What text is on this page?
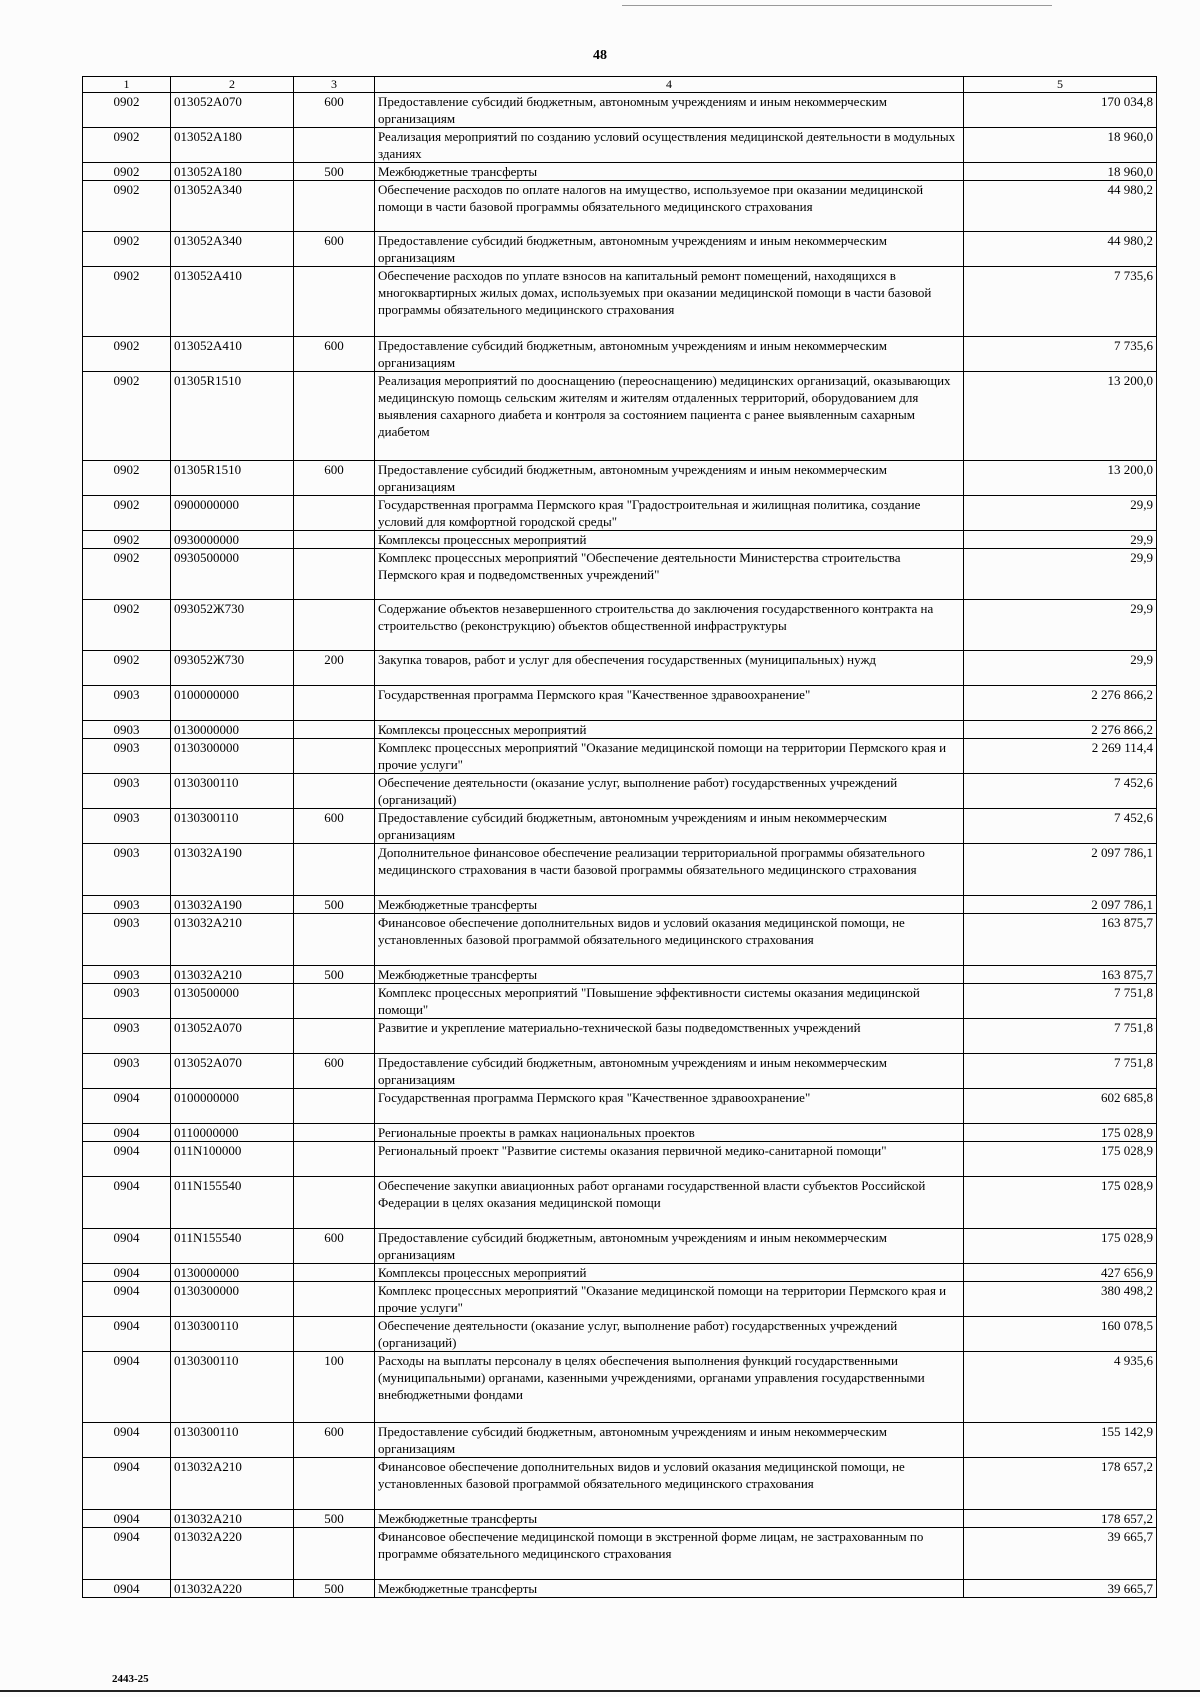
48
1	2	3	4	5
0902	013052А070	600	Предоставление субсидий бюджетным, автономным учреждениям и иным некоммерческим организациям	170 034,8
0902	013052А180		Реализация мероприятий по созданию условий осуществления медицинской деятельности в модульных зданиях	18 960,0
0902	013052А180	500	Межбюджетные трансферты	18 960,0
0902	013052А340		Обеспечение расходов по оплате налогов на имущество, используемое при оказании медицинской помощи в части базовой программы обязательного медицинского страхования	44 980,2
0902	013052А340	600	Предоставление субсидий бюджетным, автономным учреждениям и иным некоммерческим организациям	44 980,2
0902	013052А410		Обеспечение расходов по уплате взносов на капитальный ремонт помещений, находящихся в многоквартирных жилых домах, используемых при оказании медицинской помощи в части базовой программы обязательного медицинского страхования	7 735,6
0902	013052А410	600	Предоставление субсидий бюджетным, автономным учреждениям и иным некоммерческим организациям	7 735,6
0902	01305R1510		Реализация мероприятий по дооснащению (переоснащению) медицинских организаций, оказывающих медицинскую помощь сельским жителям и жителям отдаленных территорий, оборудованием для выявления сахарного диабета и контроля за состоянием пациента с ранее выявленным сахарным диабетом	13 200,0
0902	01305R1510	600	Предоставление субсидий бюджетным, автономным учреждениям и иным некоммерческим организациям	13 200,0
0902	0900000000		Государственная программа Пермского края "Градостроительная и жилищная политика, создание условий для комфортной городской среды"	29,9
0902	0930000000		Комплексы процессных мероприятий	29,9
0902	0930500000		Комплекс процессных мероприятий "Обеспечение деятельности Министерства строительства Пермского края и подведомственных учреждений"	29,9
0902	093052Ж730		Содержание объектов незавершенного строительства до заключения государственного контракта на строительство (реконструкцию) объектов общественной инфраструктуры	29,9
0902	093052Ж730	200	Закупка товаров, работ и услуг для обеспечения государственных (муниципальных) нужд	29,9
0903	0100000000		Государственная программа Пермского края "Качественное здравоохранение"	2 276 866,2
0903	0130000000		Комплексы процессных мероприятий	2 276 866,2
0903	0130300000		Комплекс процессных мероприятий "Оказание медицинской помощи на территории Пермского края и прочие услуги"	2 269 114,4
0903	0130300110		Обеспечение деятельности (оказание услуг, выполнение работ) государственных учреждений (организаций)	7 452,6
0903	0130300110	600	Предоставление субсидий бюджетным, автономным учреждениям и иным некоммерческим организациям	7 452,6
0903	013032А190		Дополнительное финансовое обеспечение реализации территориальной программы обязательного медицинского страхования в части базовой программы обязательного медицинского страхования	2 097 786,1
0903	013032А190	500	Межбюджетные трансферты	2 097 786,1
0903	013032А210		Финансовое обеспечение дополнительных видов и условий оказания медицинской помощи, не установленных базовой программой обязательного медицинского страхования	163 875,7
0903	013032А210	500	Межбюджетные трансферты	163 875,7
0903	0130500000		Комплекс процессных мероприятий "Повышение эффективности системы оказания медицинской помощи"	7 751,8
0903	013052А070		Развитие и укрепление материально-технической базы подведомственных учреждений	7 751,8
0903	013052А070	600	Предоставление субсидий бюджетным, автономным учреждениям и иным некоммерческим организациям	7 751,8
0904	0100000000		Государственная программа Пермского края "Качественное здравоохранение"	602 685,8
0904	0110000000		Региональные проекты в рамках национальных проектов	175 028,9
0904	011N100000		Региональный проект "Развитие системы оказания первичной медико-санитарной помощи"	175 028,9
0904	011N155540		Обеспечение закупки авиационных работ органами государственной власти субъектов Российской Федерации в целях оказания медицинской помощи	175 028,9
0904	011N155540	600	Предоставление субсидий бюджетным, автономным учреждениям и иным некоммерческим организациям	175 028,9
0904	0130000000		Комплексы процессных мероприятий	427 656,9
0904	0130300000		Комплекс процессных мероприятий "Оказание медицинской помощи на территории Пермского края и прочие услуги"	380 498,2
0904	0130300110		Обеспечение деятельности (оказание услуг, выполнение работ) государственных учреждений (организаций)	160 078,5
0904	0130300110	100	Расходы на выплаты персоналу в целях обеспечения выполнения функций государственными (муниципальными) органами, казенными учреждениями, органами управления государственными внебюджетными фондами	4 935,6
0904	0130300110	600	Предоставление субсидий бюджетным, автономным учреждениям и иным некоммерческим организациям	155 142,9
0904	013032А210		Финансовое обеспечение дополнительных видов и условий оказания медицинской помощи, не установленных базовой программой обязательного медицинского страхования	178 657,2
0904	013032А210	500	Межбюджетные трансферты	178 657,2
0904	013032А220		Финансовое обеспечение медицинской помощи в экстренной форме лицам, не застрахованным по программе обязательного медицинского страхования	39 665,7
0904	013032А220	500	Межбюджетные трансферты	39 665,7
2443-25
